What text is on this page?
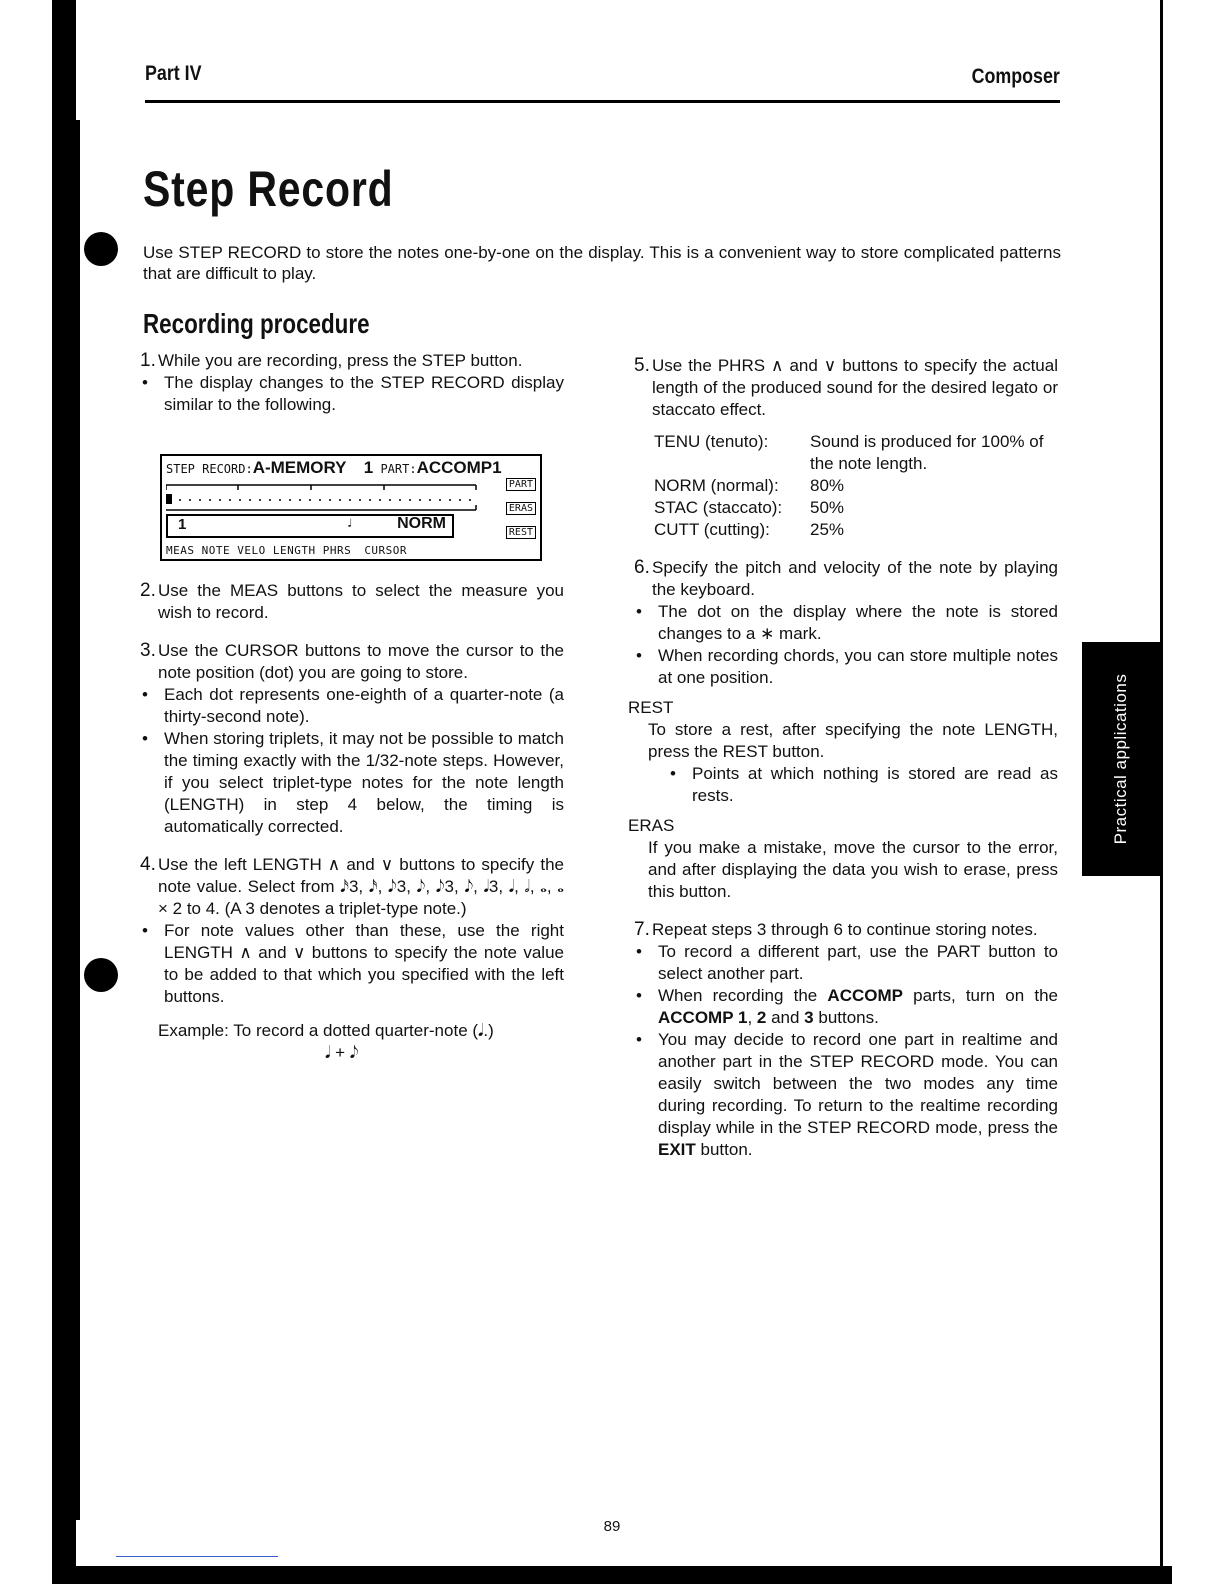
Part IV	Composer
Step Record
Use STEP RECORD to store the notes one-by-one on the display. This is a convenient way to store complicated patterns that are difficult to play.
Recording procedure
1. While you are recording, press the STEP button.
• The display changes to the STEP RECORD display similar to the following.
STEP RECORD:A-MEMORY 1 PART:ACCOMP1
PART
ERAS
REST
1	♩	NORM
MEAS NOTE VELO LENGTH PHRS CURSOR
2. Use the MEAS buttons to select the measure you wish to record.
3. Use the CURSOR buttons to move the cursor to the note position (dot) you are going to store.
• Each dot represents one-eighth of a quarter-note (a thirty-second note).
• When storing triplets, it may not be possible to match the timing exactly with the 1/32-note steps. However, if you select triplet-type notes for the note length (LENGTH) in step 4 below, the timing is automatically corrected.
4. Use the left LENGTH ∧ and ∨ buttons to specify the note value. Select from 𝅘𝅥𝅯3, 𝅘𝅥𝅯, 𝅘𝅥𝅮3, 𝅘𝅥𝅮, 𝅘𝅥𝅮3, 𝅘𝅥𝅮, 𝅘𝅥3, 𝅘𝅥, 𝅗𝅥, 𝅝, 𝅝 × 2 to 4. (A 3 denotes a triplet-type note.)
• For note values other than these, use the right LENGTH ∧ and ∨ buttons to specify the note value to be added to that which you specified with the left buttons.

Example: To record a dotted quarter-note (𝅘𝅥.)

𝅘𝅥 + 𝅘𝅥𝅮

5. Use the PHRS ∧ and ∨ buttons to specify the actual length of the produced sound for the desired legato or staccato effect.
TENU (tenuto):	Sound is produced for 100% of the note length.
NORM (normal):	80%
STAC (staccato):	50%
CUTT (cutting):	25%
6. Specify the pitch and velocity of the note by playing the keyboard.
• The dot on the display where the note is stored changes to a ∗ mark.
• When recording chords, you can store multiple notes at one position.

REST

To store a rest, after specifying the note LENGTH, press the REST button.

• Points at which nothing is stored are read as rests.

ERAS

If you make a mistake, move the cursor to the error, and after displaying the data you wish to erase, press this button.

7. Repeat steps 3 through 6 to continue storing notes.
• To record a different part, use the PART button to select another part.
• When recording the ACCOMP parts, turn on the ACCOMP 1, 2 and 3 buttons.
• You may decide to record one part in realtime and another part in the STEP RECORD mode. You can easily switch between the two modes any time during recording. To return to the realtime recording display while in the STEP RECORD mode, press the EXIT button.
Practical applications
89
